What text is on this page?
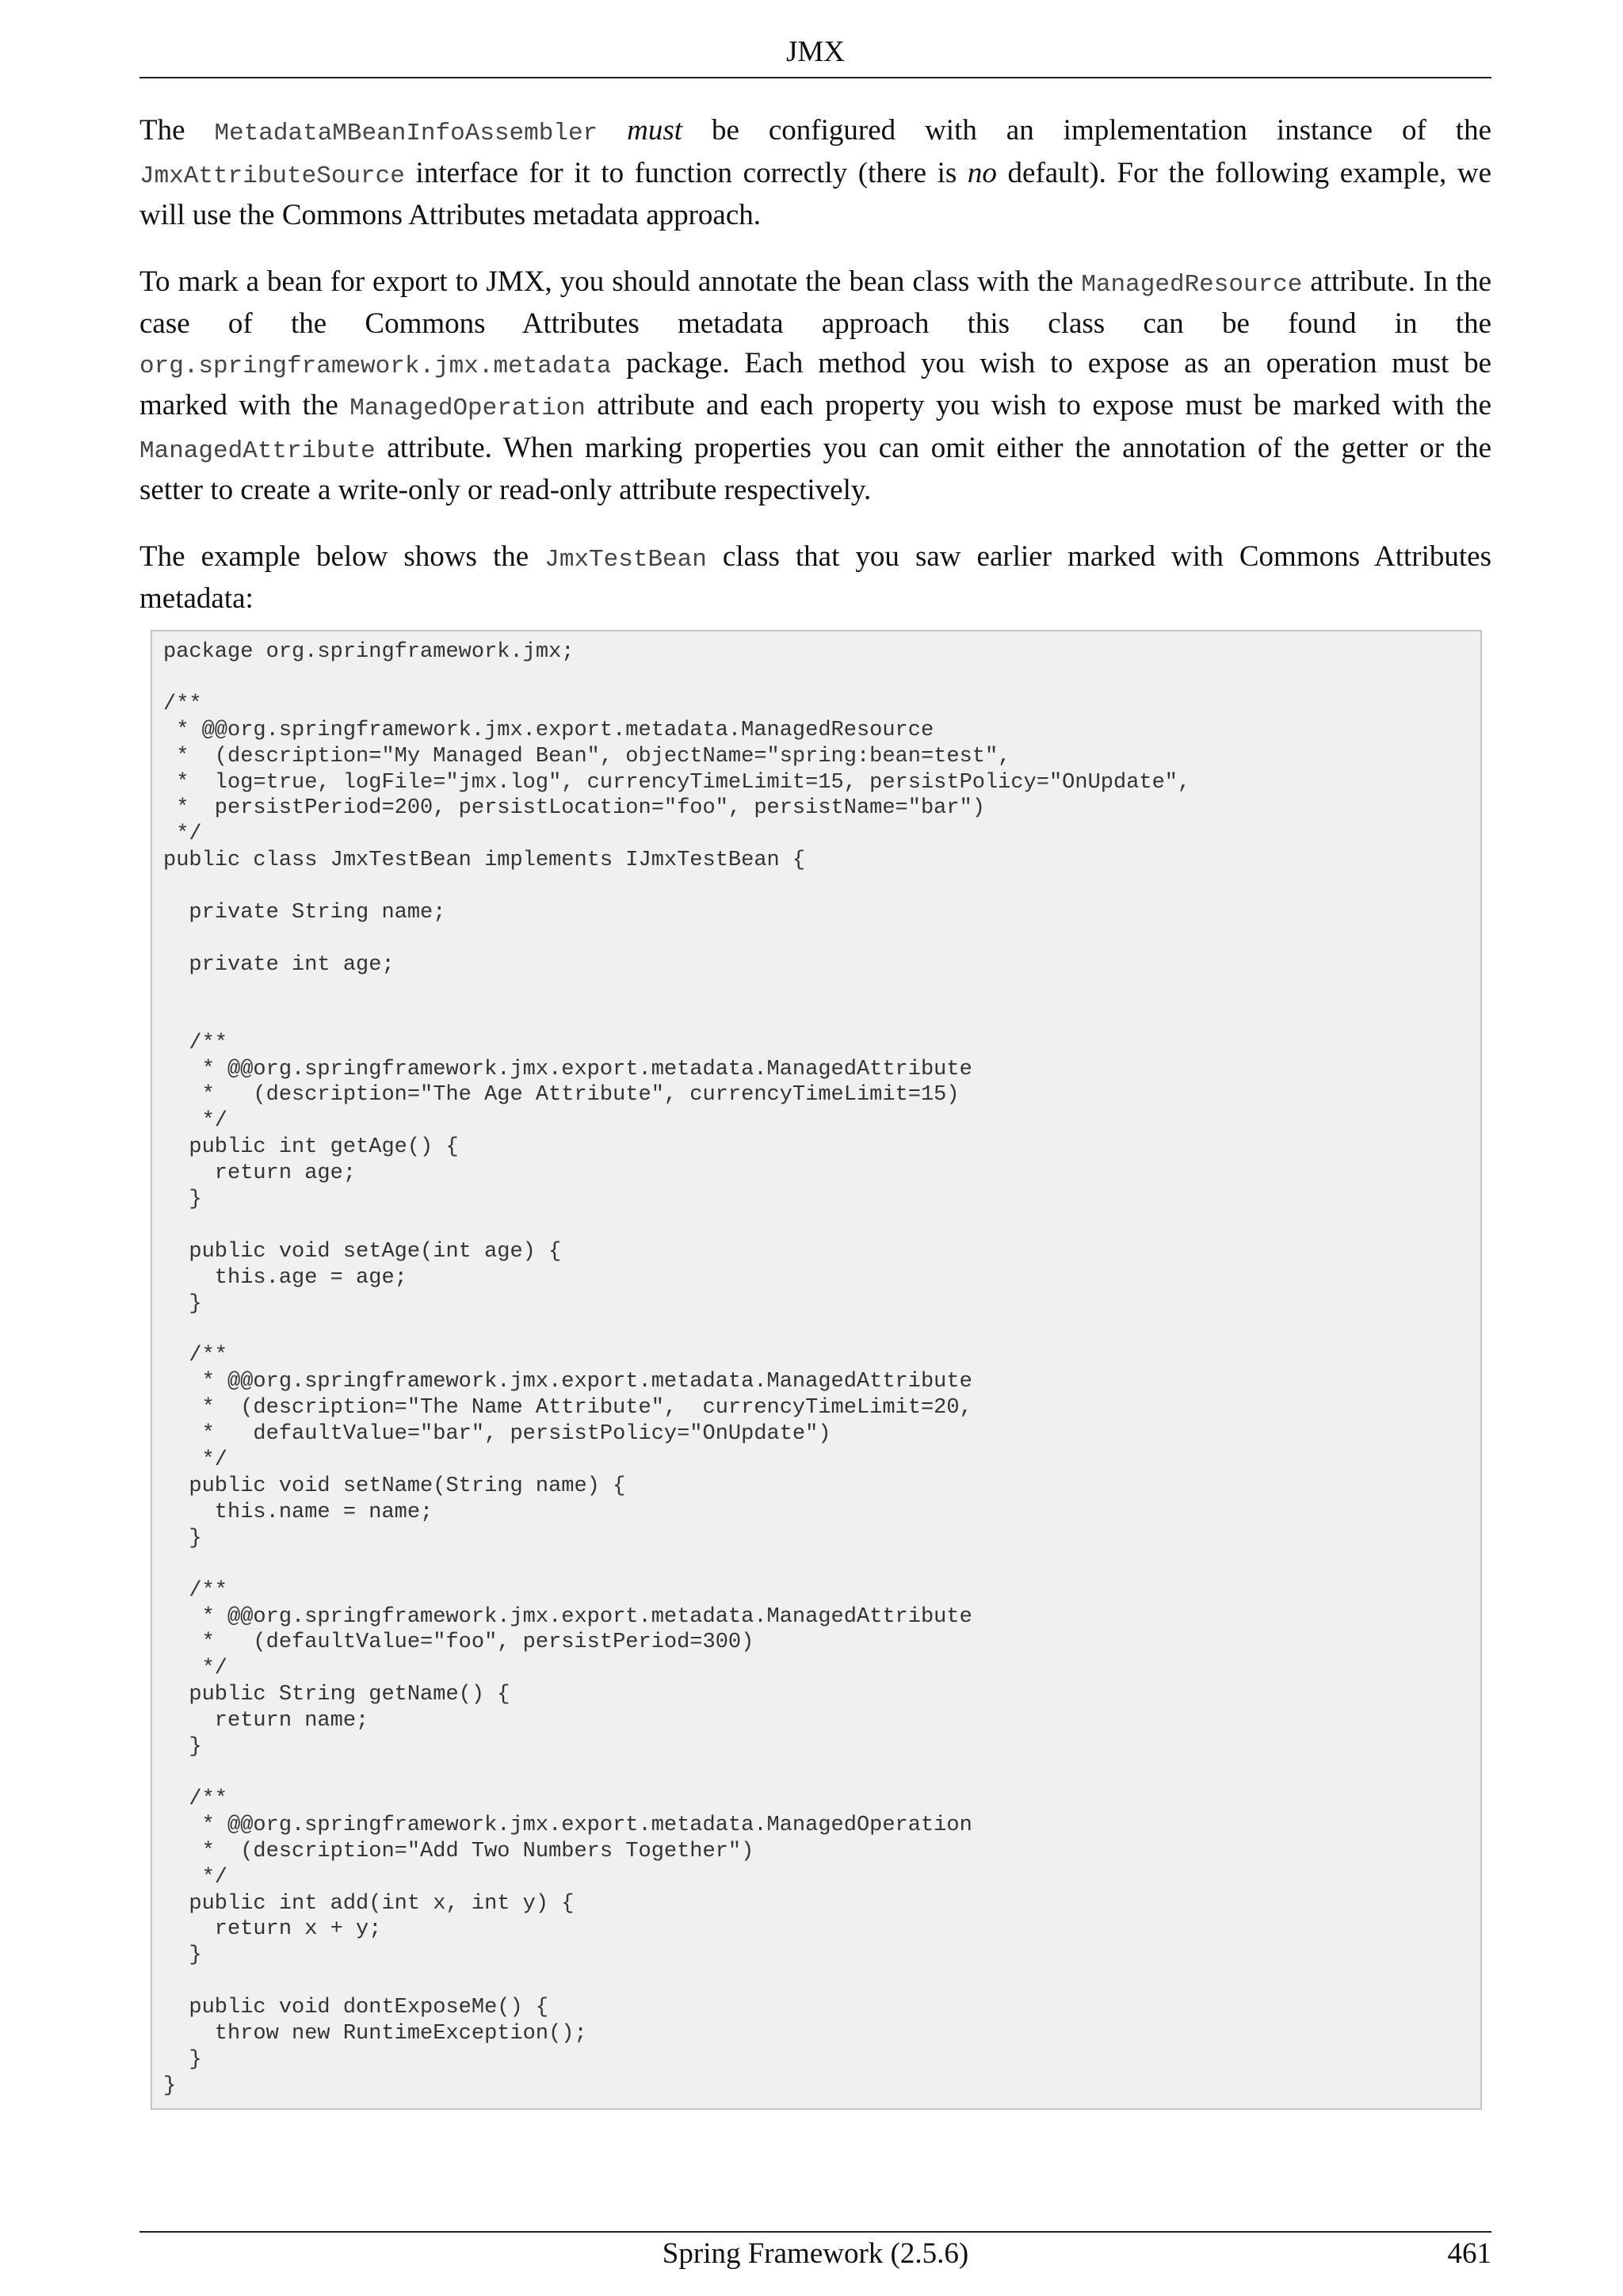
JMX

The MetadataMBeanInfoAssembler must be configured with an implementation instance of the JmxAttributeSource interface for it to function correctly (there is no default). For the following example, we will use the Commons Attributes metadata approach.

To mark a bean for export to JMX, you should annotate the bean class with the ManagedResource attribute. In the case of the Commons Attributes metadata approach this class can be found in the org.springframework.jmx.metadata package. Each method you wish to expose as an operation must be marked with the ManagedOperation attribute and each property you wish to expose must be marked with the ManagedAttribute attribute. When marking properties you can omit either the annotation of the getter or the setter to create a write-only or read-only attribute respectively.

The example below shows the JmxTestBean class that you saw earlier marked with Commons Attributes metadata:

package org.springframework.jmx;

/**
* @@org.springframework.jmx.export.metadata.ManagedResource
*  (description="My Managed Bean", objectName="spring:bean=test",
*  log=true, logFile="jmx.log", currencyTimeLimit=15, persistPolicy="OnUpdate",
*  persistPeriod=200, persistLocation="foo", persistName="bar")
*/
public class JmxTestBean implements IJmxTestBean {

private String name;

private int age;

/**
* @@org.springframework.jmx.export.metadata.ManagedAttribute
*   (description="The Age Attribute", currencyTimeLimit=15)
*/
public int getAge() {
return age;
}

public void setAge(int age) {
this.age = age;
}

/**
* @@org.springframework.jmx.export.metadata.ManagedAttribute
*  (description="The Name Attribute",  currencyTimeLimit=20,
*   defaultValue="bar", persistPolicy="OnUpdate")
*/
public void setName(String name) {
this.name = name;
}

/**
* @@org.springframework.jmx.export.metadata.ManagedAttribute
*   (defaultValue="foo", persistPeriod=300)
*/
public String getName() {
return name;
}

/**
* @@org.springframework.jmx.export.metadata.ManagedOperation
*  (description="Add Two Numbers Together")
*/
public int add(int x, int y) {
return x + y;
}

public void dontExposeMe() {
throw new RuntimeException();
}
}
Spring Framework (2.5.6)	461
